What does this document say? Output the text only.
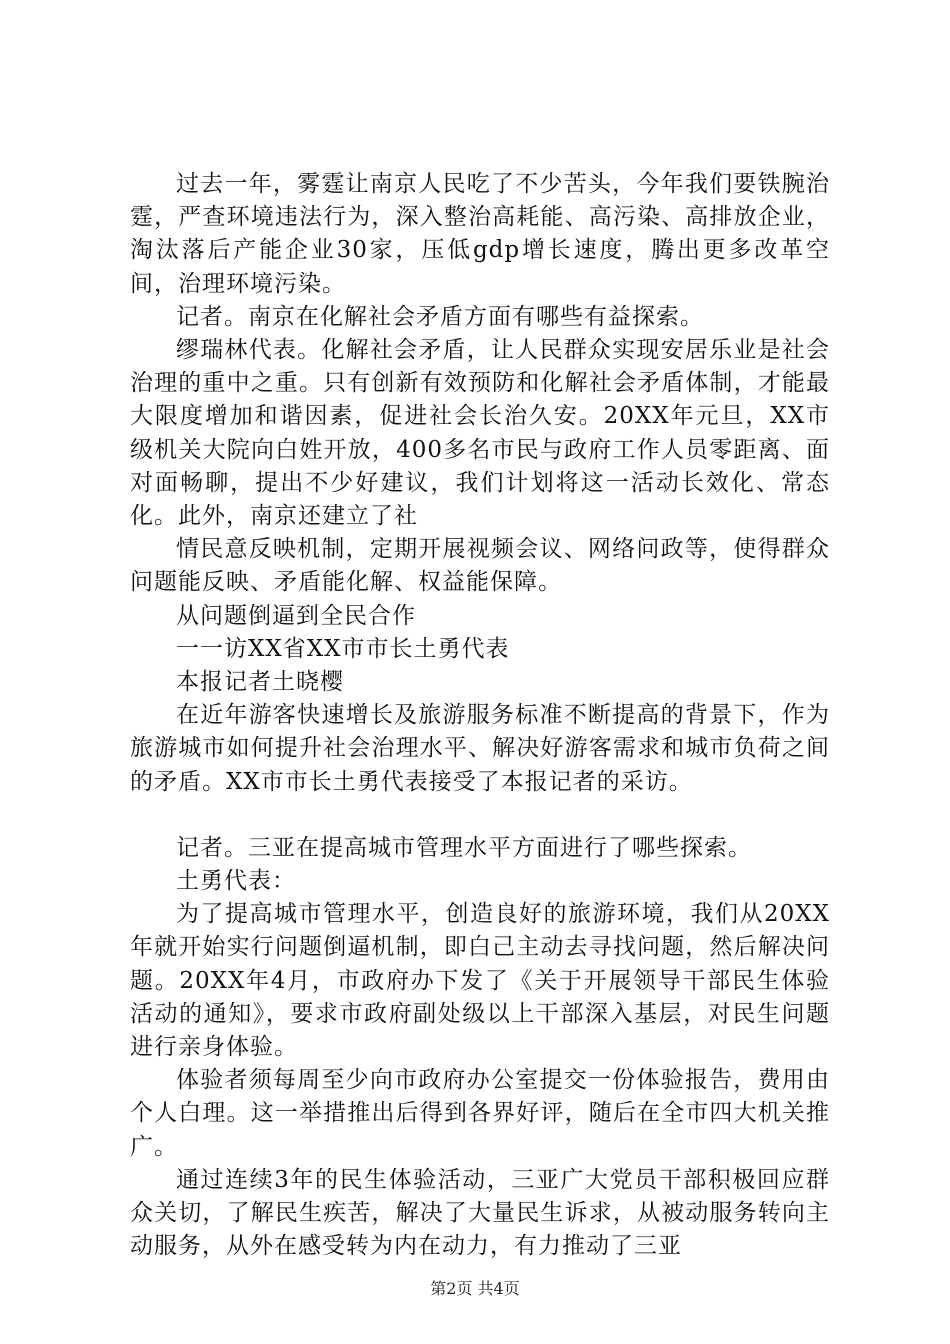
过去一年，雾霆让南京人民吃了不少苦头，今年我们要铁腕治霆，严查环境违法行为，深入整治高耗能、高污染、高排放企业，淘汰落后产能企业30家，压低gdp增长速度，腾出更多改革空间，治理环境污染。

记者。南京在化解社会矛盾方面有哪些有益探索。

缪瑞林代表。化解社会矛盾，让人民群众实现安居乐业是社会治理的重中之重。只有创新有效预防和化解社会矛盾体制，才能最大限度增加和谐因素，促进社会长治久安。20XX年元旦，XX市级机关大院向白姓开放，400多名市民与政府工作人员零距离、面对面畅聊，提出不少好建议，我们计划将这一活动长效化、常态化。此外，南京还建立了社

情民意反映机制，定期开展视频会议、网络问政等，使得群众问题能反映、矛盾能化解、权益能保障。

从问题倒逼到全民合作

一一访XX省XX市市长土勇代表

本报记者土晓樱

在近年游客快速增长及旅游服务标准不断提高的背景下，作为旅游城市如何提升社会治理水平、解决好游客需求和城市负荷之间的矛盾。XX市市长土勇代表接受了本报记者的采访。

记者。三亚在提高城市管理水平方面进行了哪些探索。

土勇代表：

为了提高城市管理水平，创造良好的旅游环境，我们从20XX年就开始实行问题倒逼机制，即白己主动去寻找问题，然后解决问题。20XX年4月，市政府办下发了《关于开展领导干部民生体验活动的通知》，要求市政府副处级以上干部深入基层，对民生问题进行亲身体验。

体验者须每周至少向市政府办公室提交一份体验报告，费用由个人白理。这一举措推出后得到各界好评，随后在全市四大机关推广。

通过连续3年的民生体验活动，三亚广大党员干部积极回应群众关切，了解民生疾苦，解决了大量民生诉求，从被动服务转向主动服务，从外在感受转为内在动力，有力推动了三亚

第2页 共4页
